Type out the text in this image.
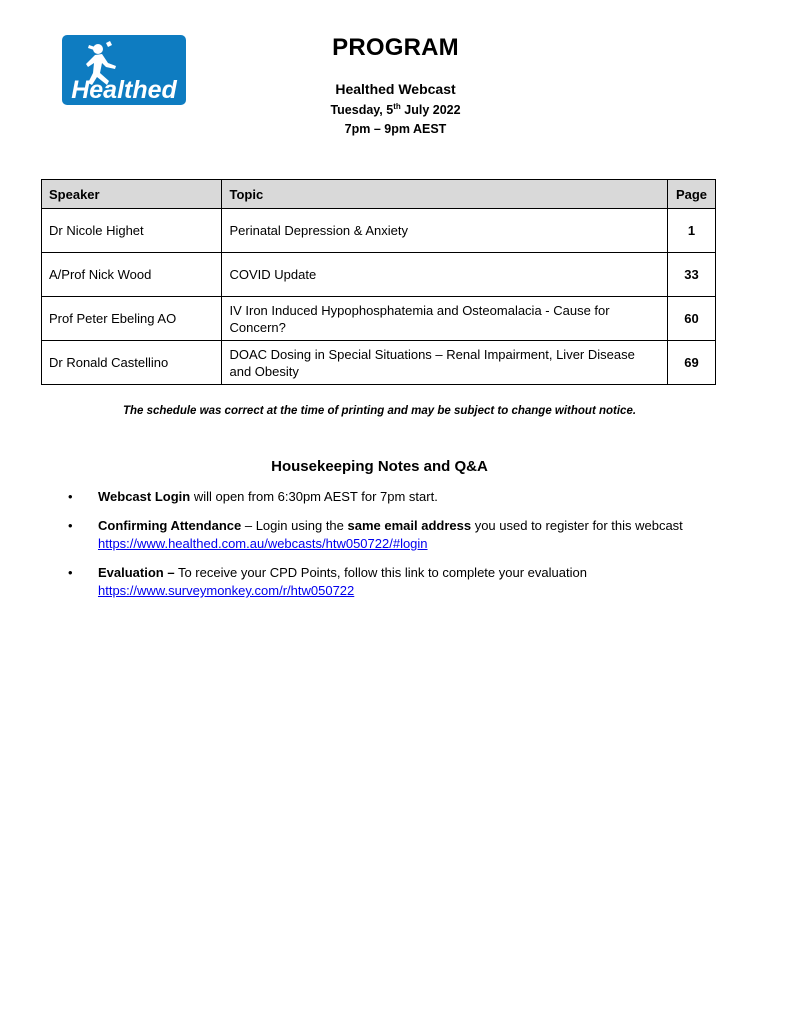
Healthed
PROGRAM
Healthed Webcast
Tuesday, 5th July 2022
7pm – 9pm AEST
Speaker	Topic	Page
Dr Nicole Highet	Perinatal Depression & Anxiety	1
A/Prof Nick Wood	COVID Update	33
Prof Peter Ebeling AO	IV Iron Induced Hypophosphatemia and Osteomalacia - Cause for Concern?	60
Dr Ronald Castellino	DOAC Dosing in Special Situations – Renal Impairment, Liver Disease and Obesity	69
The schedule was correct at the time of printing and may be subject to change without notice.
Housekeeping Notes and Q&A
• Webcast Login will open from 6:30pm AEST for 7pm start.
• Confirming Attendance – Login using the same email address you used to register for this webcast https://www.healthed.com.au/webcasts/htw050722/#login
• Evaluation – To receive your CPD Points, follow this link to complete your evaluation https://www.surveymonkey.com/r/htw050722
